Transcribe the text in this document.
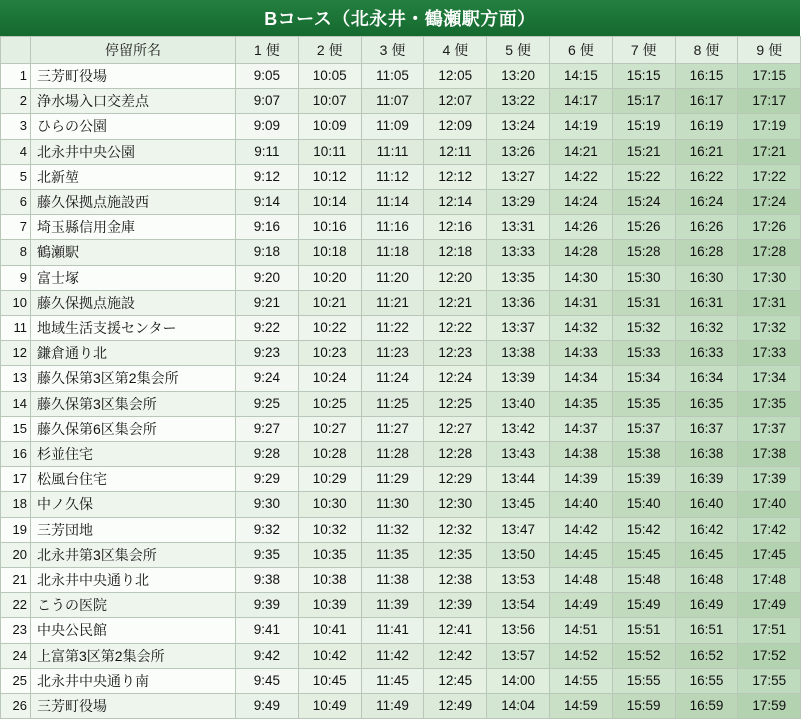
Bコース（北永井・鶴瀬駅方面）
	停留所名	1 便	2 便	3 便	4 便	5 便	6 便	7 便	8 便	9 便
1	三芳町役場	9:05	10:05	11:05	12:05	13:20	14:15	15:15	16:15	17:15
2	浄水場入口交差点	9:07	10:07	11:07	12:07	13:22	14:17	15:17	16:17	17:17
3	ひらの公園	9:09	10:09	11:09	12:09	13:24	14:19	15:19	16:19	17:19
4	北永井中央公園	9:11	10:11	11:11	12:11	13:26	14:21	15:21	16:21	17:21
5	北新堃	9:12	10:12	11:12	12:12	13:27	14:22	15:22	16:22	17:22
6	藤久保拠点施設西	9:14	10:14	11:14	12:14	13:29	14:24	15:24	16:24	17:24
7	埼玉縣信用金庫	9:16	10:16	11:16	12:16	13:31	14:26	15:26	16:26	17:26
8	鶴瀬駅	9:18	10:18	11:18	12:18	13:33	14:28	15:28	16:28	17:28
9	富士塚	9:20	10:20	11:20	12:20	13:35	14:30	15:30	16:30	17:30
10	藤久保拠点施設	9:21	10:21	11:21	12:21	13:36	14:31	15:31	16:31	17:31
11	地域生活支援センター	9:22	10:22	11:22	12:22	13:37	14:32	15:32	16:32	17:32
12	鎌倉通り北	9:23	10:23	11:23	12:23	13:38	14:33	15:33	16:33	17:33
13	藤久保第3区第2集会所	9:24	10:24	11:24	12:24	13:39	14:34	15:34	16:34	17:34
14	藤久保第3区集会所	9:25	10:25	11:25	12:25	13:40	14:35	15:35	16:35	17:35
15	藤久保第6区集会所	9:27	10:27	11:27	12:27	13:42	14:37	15:37	16:37	17:37
16	杉並住宅	9:28	10:28	11:28	12:28	13:43	14:38	15:38	16:38	17:38
17	松風台住宅	9:29	10:29	11:29	12:29	13:44	14:39	15:39	16:39	17:39
18	中ノ久保	9:30	10:30	11:30	12:30	13:45	14:40	15:40	16:40	17:40
19	三芳団地	9:32	10:32	11:32	12:32	13:47	14:42	15:42	16:42	17:42
20	北永井第3区集会所	9:35	10:35	11:35	12:35	13:50	14:45	15:45	16:45	17:45
21	北永井中央通り北	9:38	10:38	11:38	12:38	13:53	14:48	15:48	16:48	17:48
22	こうの医院	9:39	10:39	11:39	12:39	13:54	14:49	15:49	16:49	17:49
23	中央公民館	9:41	10:41	11:41	12:41	13:56	14:51	15:51	16:51	17:51
24	上富第3区第2集会所	9:42	10:42	11:42	12:42	13:57	14:52	15:52	16:52	17:52
25	北永井中央通り南	9:45	10:45	11:45	12:45	14:00	14:55	15:55	16:55	17:55
26	三芳町役場	9:49	10:49	11:49	12:49	14:04	14:59	15:59	16:59	17:59
